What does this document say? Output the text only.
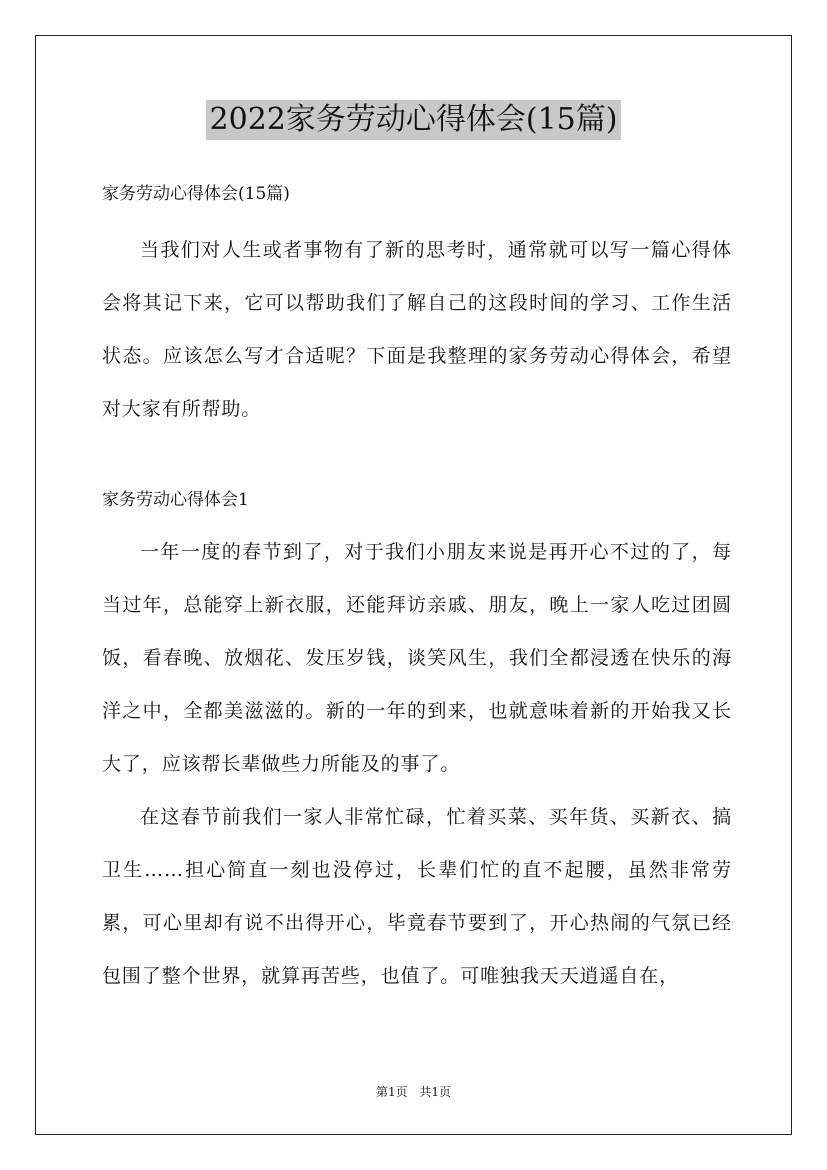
2022家务劳动心得体会(15篇)
家务劳动心得体会(15篇)

当我们对人生或者事物有了新的思考时，通常就可以写一篇心得体会将其记下来，它可以帮助我们了解自己的这段时间的学习、工作生活状态。应该怎么写才合适呢？下面是我整理的家务劳动心得体会，希望对大家有所帮助。

家务劳动心得体会1

一年一度的春节到了，对于我们小朋友来说是再开心不过的了，每当过年，总能穿上新衣服，还能拜访亲戚、朋友，晚上一家人吃过团圆饭，看春晚、放烟花、发压岁钱，谈笑风生，我们全都浸透在快乐的海洋之中，全都美滋滋的。新的一年的到来，也就意味着新的开始我又长大了，应该帮长辈做些力所能及的事了。

在这春节前我们一家人非常忙碌，忙着买菜、买年货、买新衣、搞卫生……担心简直一刻也没停过，长辈们忙的直不起腰，虽然非常劳累，可心里却有说不出得开心，毕竟春节要到了，开心热闹的气氛已经包围了整个世界，就算再苦些，也值了。可唯独我天天逍遥自在，

第1页 共1页
